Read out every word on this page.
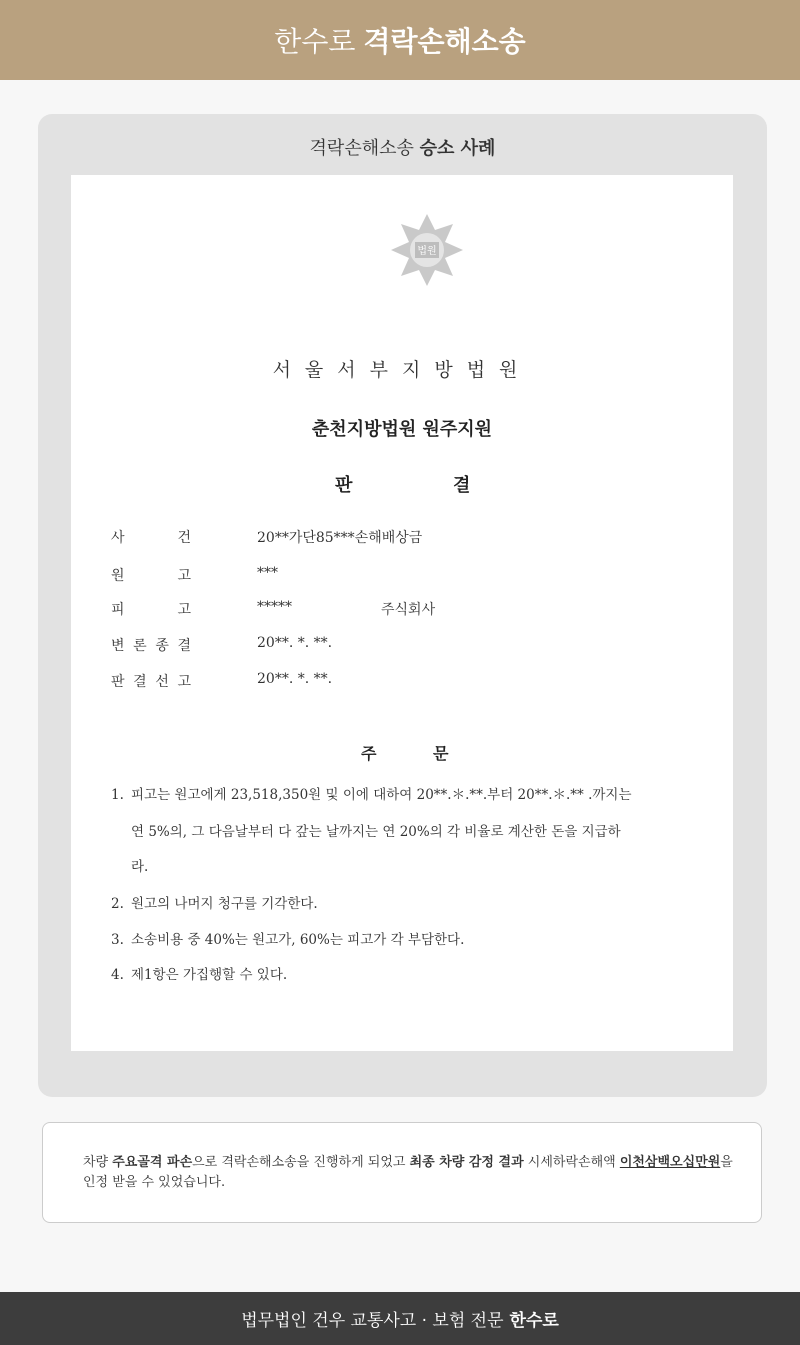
한수로 격락손해소송
격락손해소송 승소 사례
법원
서울서부지방법원
춘천지방법원 원주지원
판	결
사	건	20**가단85***손해배상금
원	고	***
피	고	*****	주식회사
변 론 종 결	20**. *. **.
판 결 선 고	20**. *. **.
주	문
1. 피고는 원고에게 23,518,350원 및 이에 대하여 20**.＊.**.부터 20**.＊.** .까지는
연 5%의, 그 다음날부터 다 갚는 날까지는 연 20%의 각 비율로 계산한 돈을 지급하
라.
2. 원고의 나머지 청구를 기각한다.
3. 소송비용 중 40%는 원고가, 60%는 피고가 각 부담한다.
4. 제1항은 가집행할 수 있다.
차량 주요골격 파손으로 격락손해소송을 진행하게 되었고 최종 차량 감정 결과 시세하락손해액 이천삼백오십만원을 인정 받을 수 있었습니다.
법무법인 건우 교통사고 · 보험 전문 한수로
